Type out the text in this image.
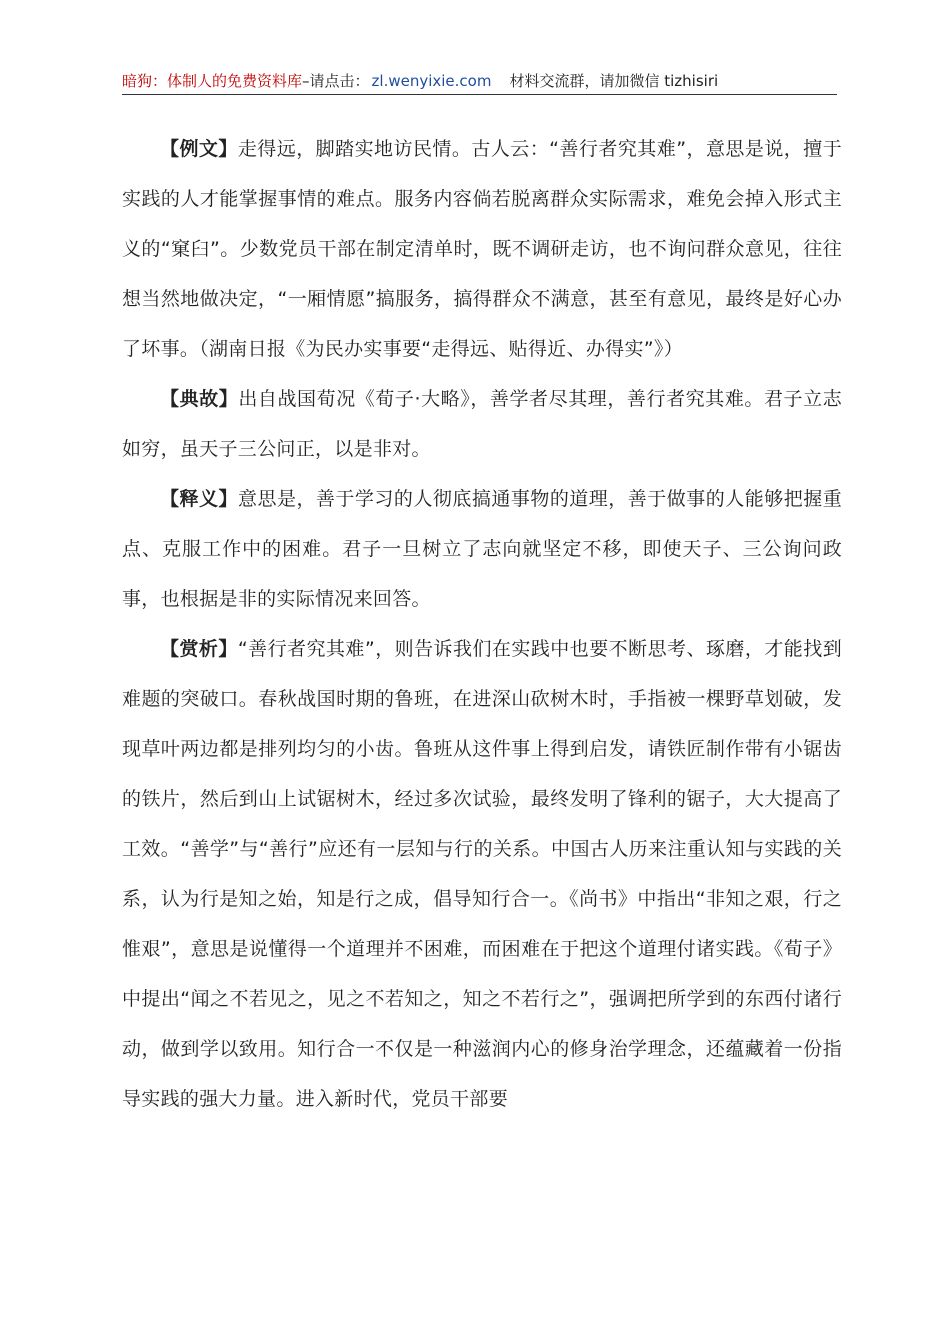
暗狗：体制人的免费资料库–请点击： zl.wenyixie.com 材料交流群，请加微信 tizhisiri

【例文】走得远，脚踏实地访民情。古人云：“善行者究其难”，意思是说，擅于实践的人才能掌握事情的难点。服务内容倘若脱离群众实际需求，难免会掉入形式主义的“窠臼”。少数党员干部在制定清单时，既不调研走访，也不询问群众意见，往往想当然地做决定，“一厢情愿”搞服务，搞得群众不满意，甚至有意见，最终是好心办了坏事。（湖南日报《为民办实事要“走得远、贴得近、办得实”》）

【典故】出自战国荀况《荀子·大略》，善学者尽其理，善行者究其难。君子立志如穷，虽天子三公问正，以是非对。

【释义】意思是，善于学习的人彻底搞通事物的道理，善于做事的人能够把握重点、克服工作中的困难。君子一旦树立了志向就坚定不移，即使天子、三公询问政事，也根据是非的实际情况来回答。

【赏析】“善行者究其难”，则告诉我们在实践中也要不断思考、琢磨，才能找到难题的突破口。春秋战国时期的鲁班，在进深山砍树木时，手指被一棵野草划破，发现草叶两边都是排列均匀的小齿。鲁班从这件事上得到启发，请铁匠制作带有小锯齿的铁片，然后到山上试锯树木，经过多次试验，最终发明了锋利的锯子，大大提高了工效。“善学”与“善行”应还有一层知与行的关系。中国古人历来注重认知与实践的关系，认为行是知之始，知是行之成，倡导知行合一。《尚书》中指出“非知之艰，行之惟艰”，意思是说懂得一个道理并不困难，而困难在于把这个道理付诸实践。《荀子》中提出“闻之不若见之，见之不若知之，知之不若行之”，强调把所学到的东西付诸行动，做到学以致用。知行合一不仅是一种滋润内心的修身治学理念，还蕴藏着一份指导实践的强大力量。进入新时代，党员干部要
